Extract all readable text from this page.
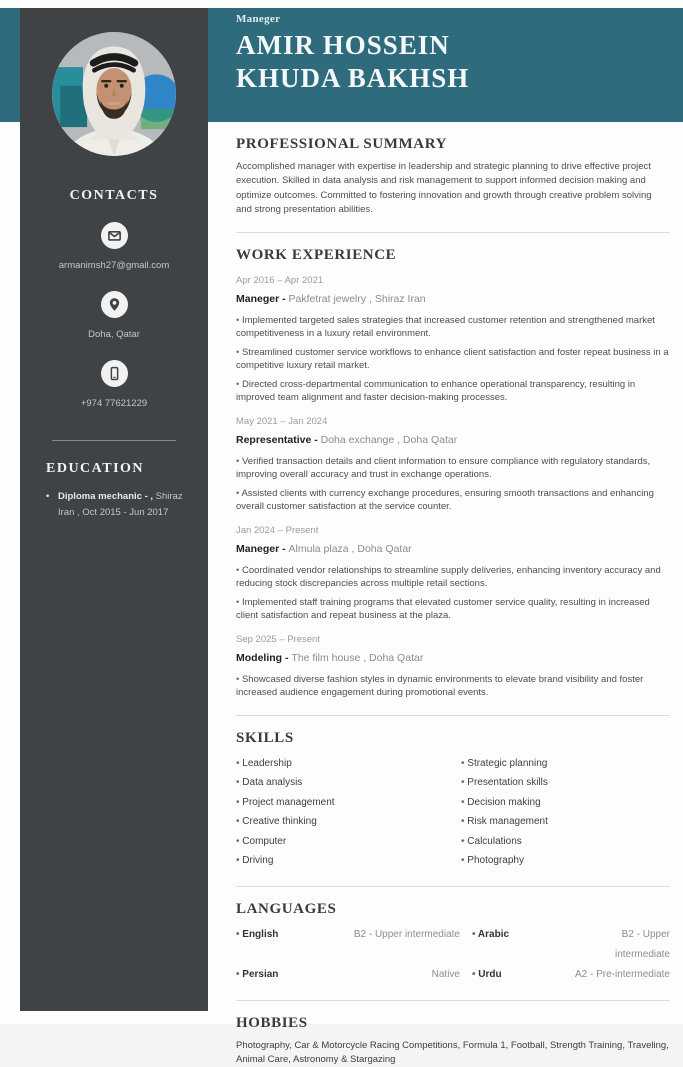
Maneger
AMIR HOSSEIN
KHUDA BAKHSH
CONTACTS
armanimsh27@gmail.com
Doha, Qatar
+974 77621229
EDUCATION
• Diploma mechanic - , Shiraz Iran , Oct 2015 - Jun 2017
PROFESSIONAL SUMMARY

Accomplished manager with expertise in leadership and strategic planning to drive effective project execution. Skilled in data analysis and risk management to support informed decision making and optimize outcomes. Committed to fostering innovation and growth through creative problem solving and strong presentation abilities.

WORK EXPERIENCE

Apr 2016 – Apr 2021

Maneger - Pakfetrat jewelry , Shiraz Iran

• Implemented targeted sales strategies that increased customer retention and strengthened market competitiveness in a luxury retail environment.

• Streamlined customer service workflows to enhance client satisfaction and foster repeat business in a competitive luxury retail market.

• Directed cross-departmental communication to enhance operational transparency, resulting in improved team alignment and faster decision-making processes.

May 2021 – Jan 2024

Representative - Doha exchange , Doha Qatar

• Verified transaction details and client information to ensure compliance with regulatory standards, improving overall accuracy and trust in exchange operations.

• Assisted clients with currency exchange procedures, ensuring smooth transactions and enhancing overall customer satisfaction at the service counter.

Jan 2024 – Present

Maneger - Almula plaza , Doha Qatar

• Coordinated vendor relationships to streamline supply deliveries, enhancing inventory accuracy and reducing stock discrepancies across multiple retail sections.

• Implemented staff training programs that elevated customer service quality, resulting in increased client satisfaction and repeat business at the plaza.

Sep 2025 – Present

Modeling - The film house , Doha Qatar

• Showcased diverse fashion styles in dynamic environments to elevate brand visibility and foster increased audience engagement during promotional events.

SKILLS
• Leadership
• Data analysis
• Project management
• Creative thinking
• Computer
• Driving
• Strategic planning
• Presentation skills
• Decision making
• Risk management
• Calculations
• Photography
LANGUAGES
• English	B2 - Upper intermediate	• Arabic	B2 - Upper intermediate
• Persian	Native	• Urdu	A2 - Pre-intermediate
HOBBIES

Photography, Car & Motorcycle Racing Competitions, Formula 1, Football, Strength Training, Traveling, Animal Care, Astronomy & Stargazing
